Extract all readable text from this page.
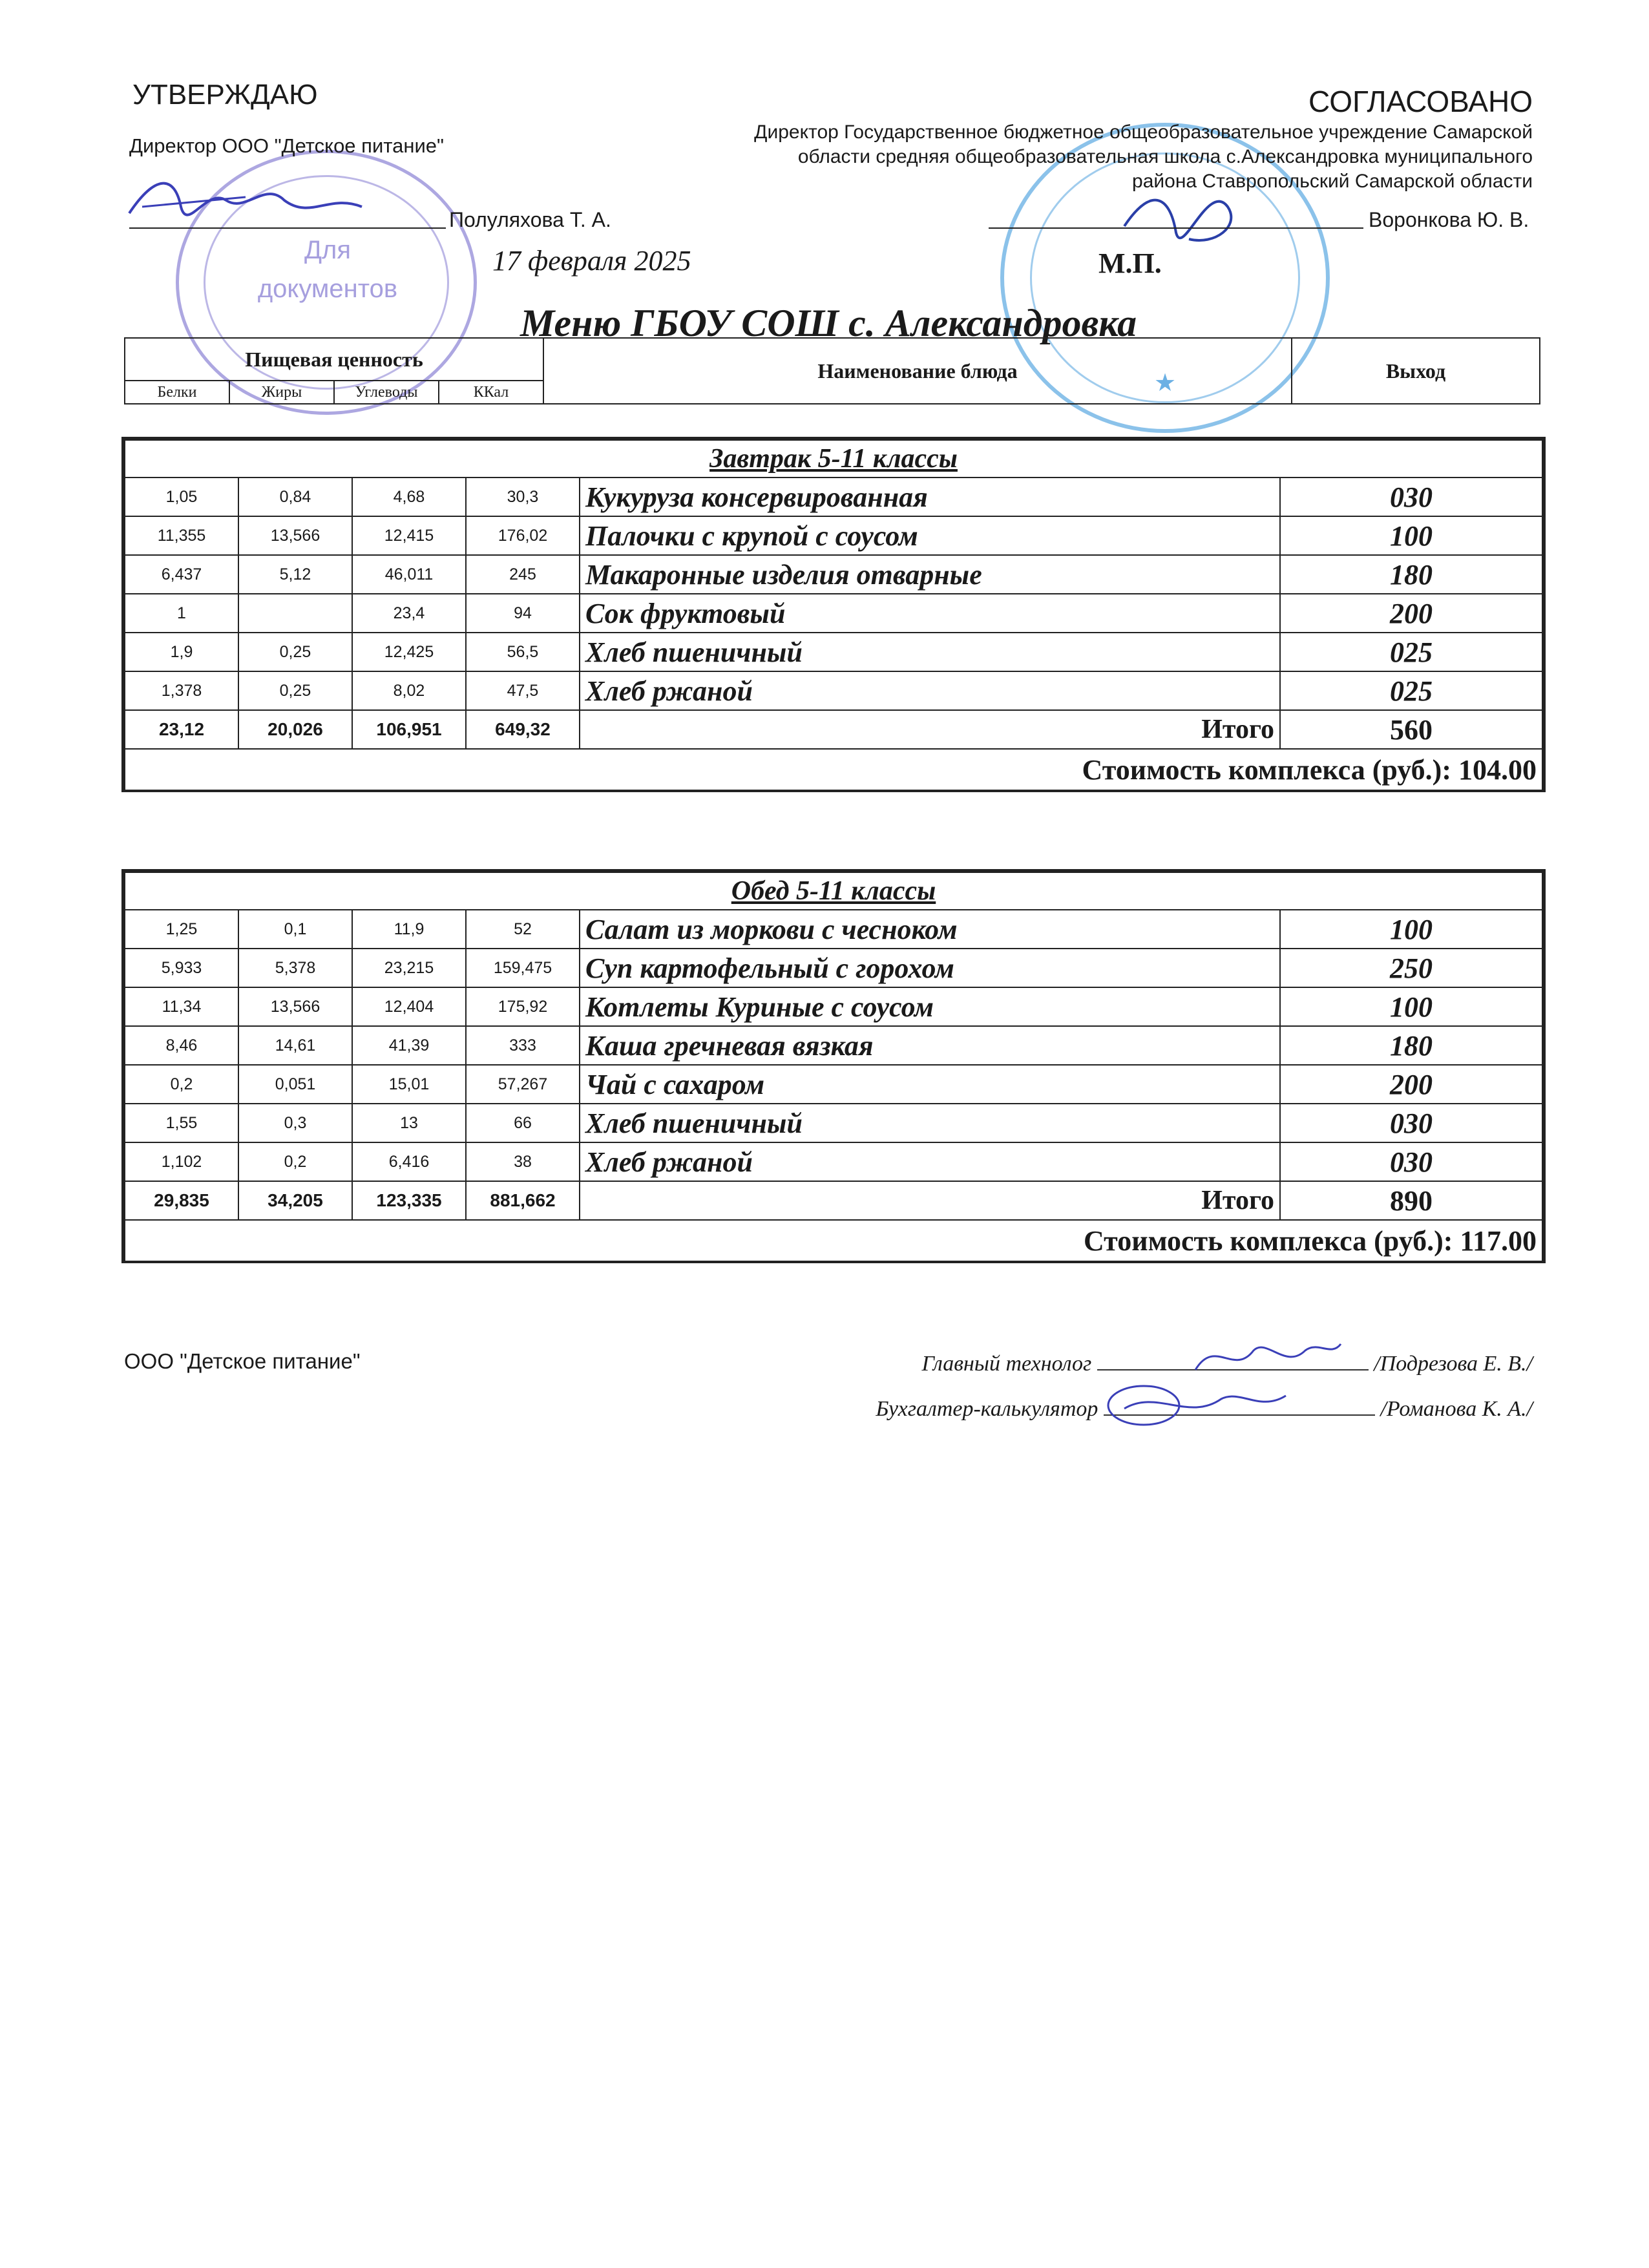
Для документов
★
УТВЕРЖДАЮ
Директор ООО "Детское питание"
Полуляхова Т. А.
СОГЛАСОВАНО
Директор Государственное бюджетное общеобразовательное учреждение Самарской области средняя общеобразовательная школа с.Александровка муниципального района Ставропольский Самарской области
Воронкова Ю. В.
17 февраля 2025	М.П.
Меню ГБОУ СОШ с. Александровка
Пищевая ценность				Наименование блюда	Выход
Белки	Жиры	Углеводы	ККал		
Завтрак 5-11 классы					
1,05	0,84	4,68	30,3	Кукуруза консервированная	030
11,355	13,566	12,415	176,02	Палочки с крупой с соусом	100
6,437	5,12	46,011	245	Макаронные изделия отварные	180
1		23,4	94	Сок фруктовый	200
1,9	0,25	12,425	56,5	Хлеб пшеничный	025
1,378	0,25	8,02	47,5	Хлеб ржаной	025
23,12	20,026	106,951	649,32	Итого	560
Стоимость комплекса (руб.): 104.00					
Обед 5-11 классы					
1,25	0,1	11,9	52	Салат из моркови с чесноком	100
5,933	5,378	23,215	159,475	Суп картофельный с горохом	250
11,34	13,566	12,404	175,92	Котлеты Куриные с соусом	100
8,46	14,61	41,39	333	Каша гречневая вязкая	180
0,2	0,051	15,01	57,267	Чай с сахаром	200
1,55	0,3	13	66	Хлеб пшеничный	030
1,102	0,2	6,416	38	Хлеб ржаной	030
29,835	34,205	123,335	881,662	Итого	890
Стоимость комплекса (руб.): 117.00					
ООО "Детское питание"	Главный технолог	/Подрезова Е. В./
Бухгалтер-калькулятор	/Романова К. А./
